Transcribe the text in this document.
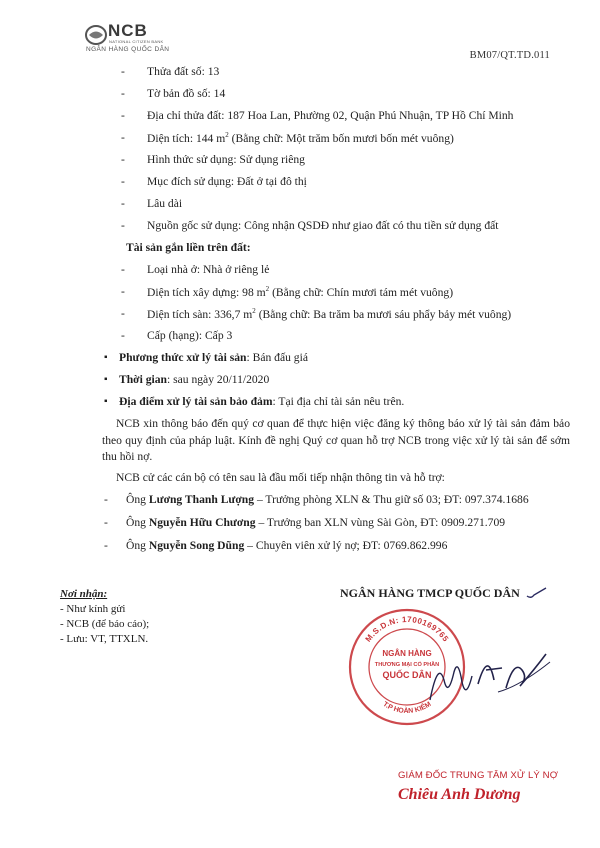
NCB
NATIONAL CITIZEN BANK
NGÂN HÀNG QUỐC DÂN
BM07/QT.TD.011
- Thửa đất số: 13
- Tờ bản đồ số: 14
- Địa chỉ thửa đất: 187 Hoa Lan, Phường 02, Quận Phú Nhuận, TP Hồ Chí Minh
- Diện tích: 144 $m^2$ (Bằng chữ: Một trăm bốn mươi bốn mét vuông)
- Hình thức sử dụng: Sử dụng riêng
- Mục đích sử dụng: Đất ở tại đô thị
- Lâu dài
- Nguồn gốc sử dụng: Công nhận QSDĐ như giao đất có thu tiền sử dụng đất
Tài sản gắn liền trên đất:
- Loại nhà ở: Nhà ở riêng lẻ
- Diện tích xây dựng: 98 $m^2$ (Bằng chữ: Chín mươi tám mét vuông)
- Diện tích sàn: 336,7 $m^2$ (Bằng chữ: Ba trăm ba mươi sáu phẩy bảy mét vuông)
- Cấp (hạng): Cấp 3
▪ Phương thức xử lý tài sản: Bán đấu giá
▪ Thời gian: sau ngày 20/11/2020
▪ Địa điểm xử lý tài sản bảo đảm: Tại địa chỉ tài sản nêu trên.
NCB xin thông báo đến quý cơ quan để thực hiện việc đăng ký thông báo xử lý tài sản đảm bảo theo quy định của pháp luật. Kính đề nghị Quý cơ quan hỗ trợ NCB trong việc xử lý tài sản để sớm thu hồi nợ.
NCB cử các cán bộ có tên sau là đầu mối tiếp nhận thông tin và hỗ trợ:
- Ông Lương Thanh Lượng – Trưởng phòng XLN & Thu giữ số 03; ĐT: 097.374.1686
- Ông Nguyễn Hữu Chương – Trưởng ban XLN vùng Sài Gòn, ĐT: 0909.271.709
- Ông Nguyễn Song Dũng – Chuyên viên xử lý nợ; ĐT: 0769.862.996
Nơi nhận:
- Như kính gửi
- NCB (để báo cáo);
- Lưu: VT, TTXLN.
NGÂN HÀNG TMCP QUỐC DÂN
M.S.D.N: 1700169765
T.P HOÀN KIẾM
NGÂN HÀNG
THƯƠNG MẠI CỔ PHẦN
QUỐC DÂN
GIÁM ĐỐC TRUNG TÂM XỬ LÝ NỢ
Chiêu Anh Dương
